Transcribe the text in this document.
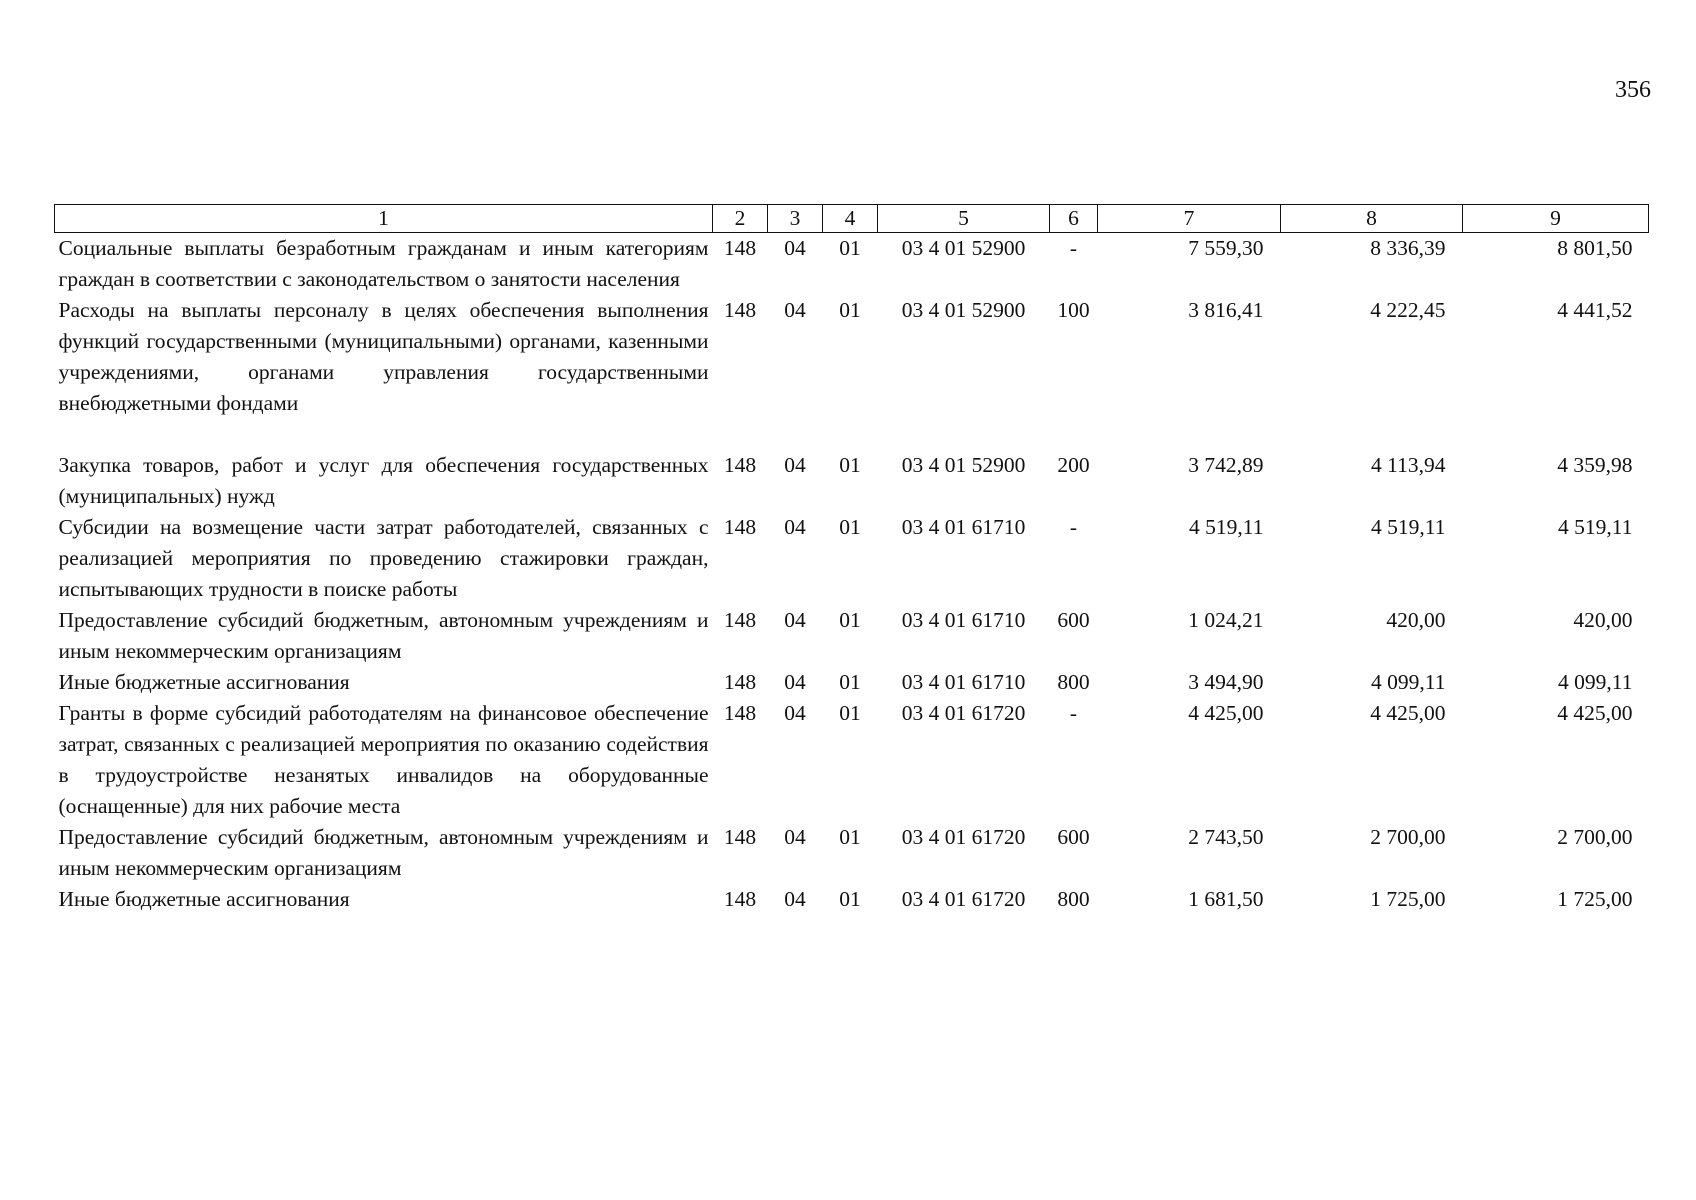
356
1	2	3	4	5	6	7	8	9
Социальные выплаты безработным гражданам и иным категориям граждан в соответствии с законодательством о занятости населения	148	04	01	03 4 01 52900	-	7 559,30	8 336,39	8 801,50
Расходы на выплаты персоналу в целях обеспечения выполнения функций государственными (муниципальными) органами, казенными учреждениями, органами управления государственными внебюджетными фондами	148	04	01	03 4 01 52900	100	3 816,41	4 222,45	4 441,52
Закупка товаров, работ и услуг для обеспечения государственных (муниципальных) нужд	148	04	01	03 4 01 52900	200	3 742,89	4 113,94	4 359,98
Субсидии на возмещение части затрат работодателей, связанных с реализацией мероприятия по проведению стажировки граждан, испытывающих трудности в поиске работы	148	04	01	03 4 01 61710	-	4 519,11	4 519,11	4 519,11
Предоставление субсидий бюджетным, автономным учреждениям и иным некоммерческим организациям	148	04	01	03 4 01 61710	600	1 024,21	420,00	420,00
Иные бюджетные ассигнования	148	04	01	03 4 01 61710	800	3 494,90	4 099,11	4 099,11
Гранты в форме субсидий работодателям на финансовое обеспечение затрат, связанных с реализацией мероприятия по оказанию содействия в трудоустройстве незанятых инвалидов на оборудованные (оснащенные) для них рабочие места	148	04	01	03 4 01 61720	-	4 425,00	4 425,00	4 425,00
Предоставление субсидий бюджетным, автономным учреждениям и иным некоммерческим организациям	148	04	01	03 4 01 61720	600	2 743,50	2 700,00	2 700,00
Иные бюджетные ассигнования	148	04	01	03 4 01 61720	800	1 681,50	1 725,00	1 725,00
